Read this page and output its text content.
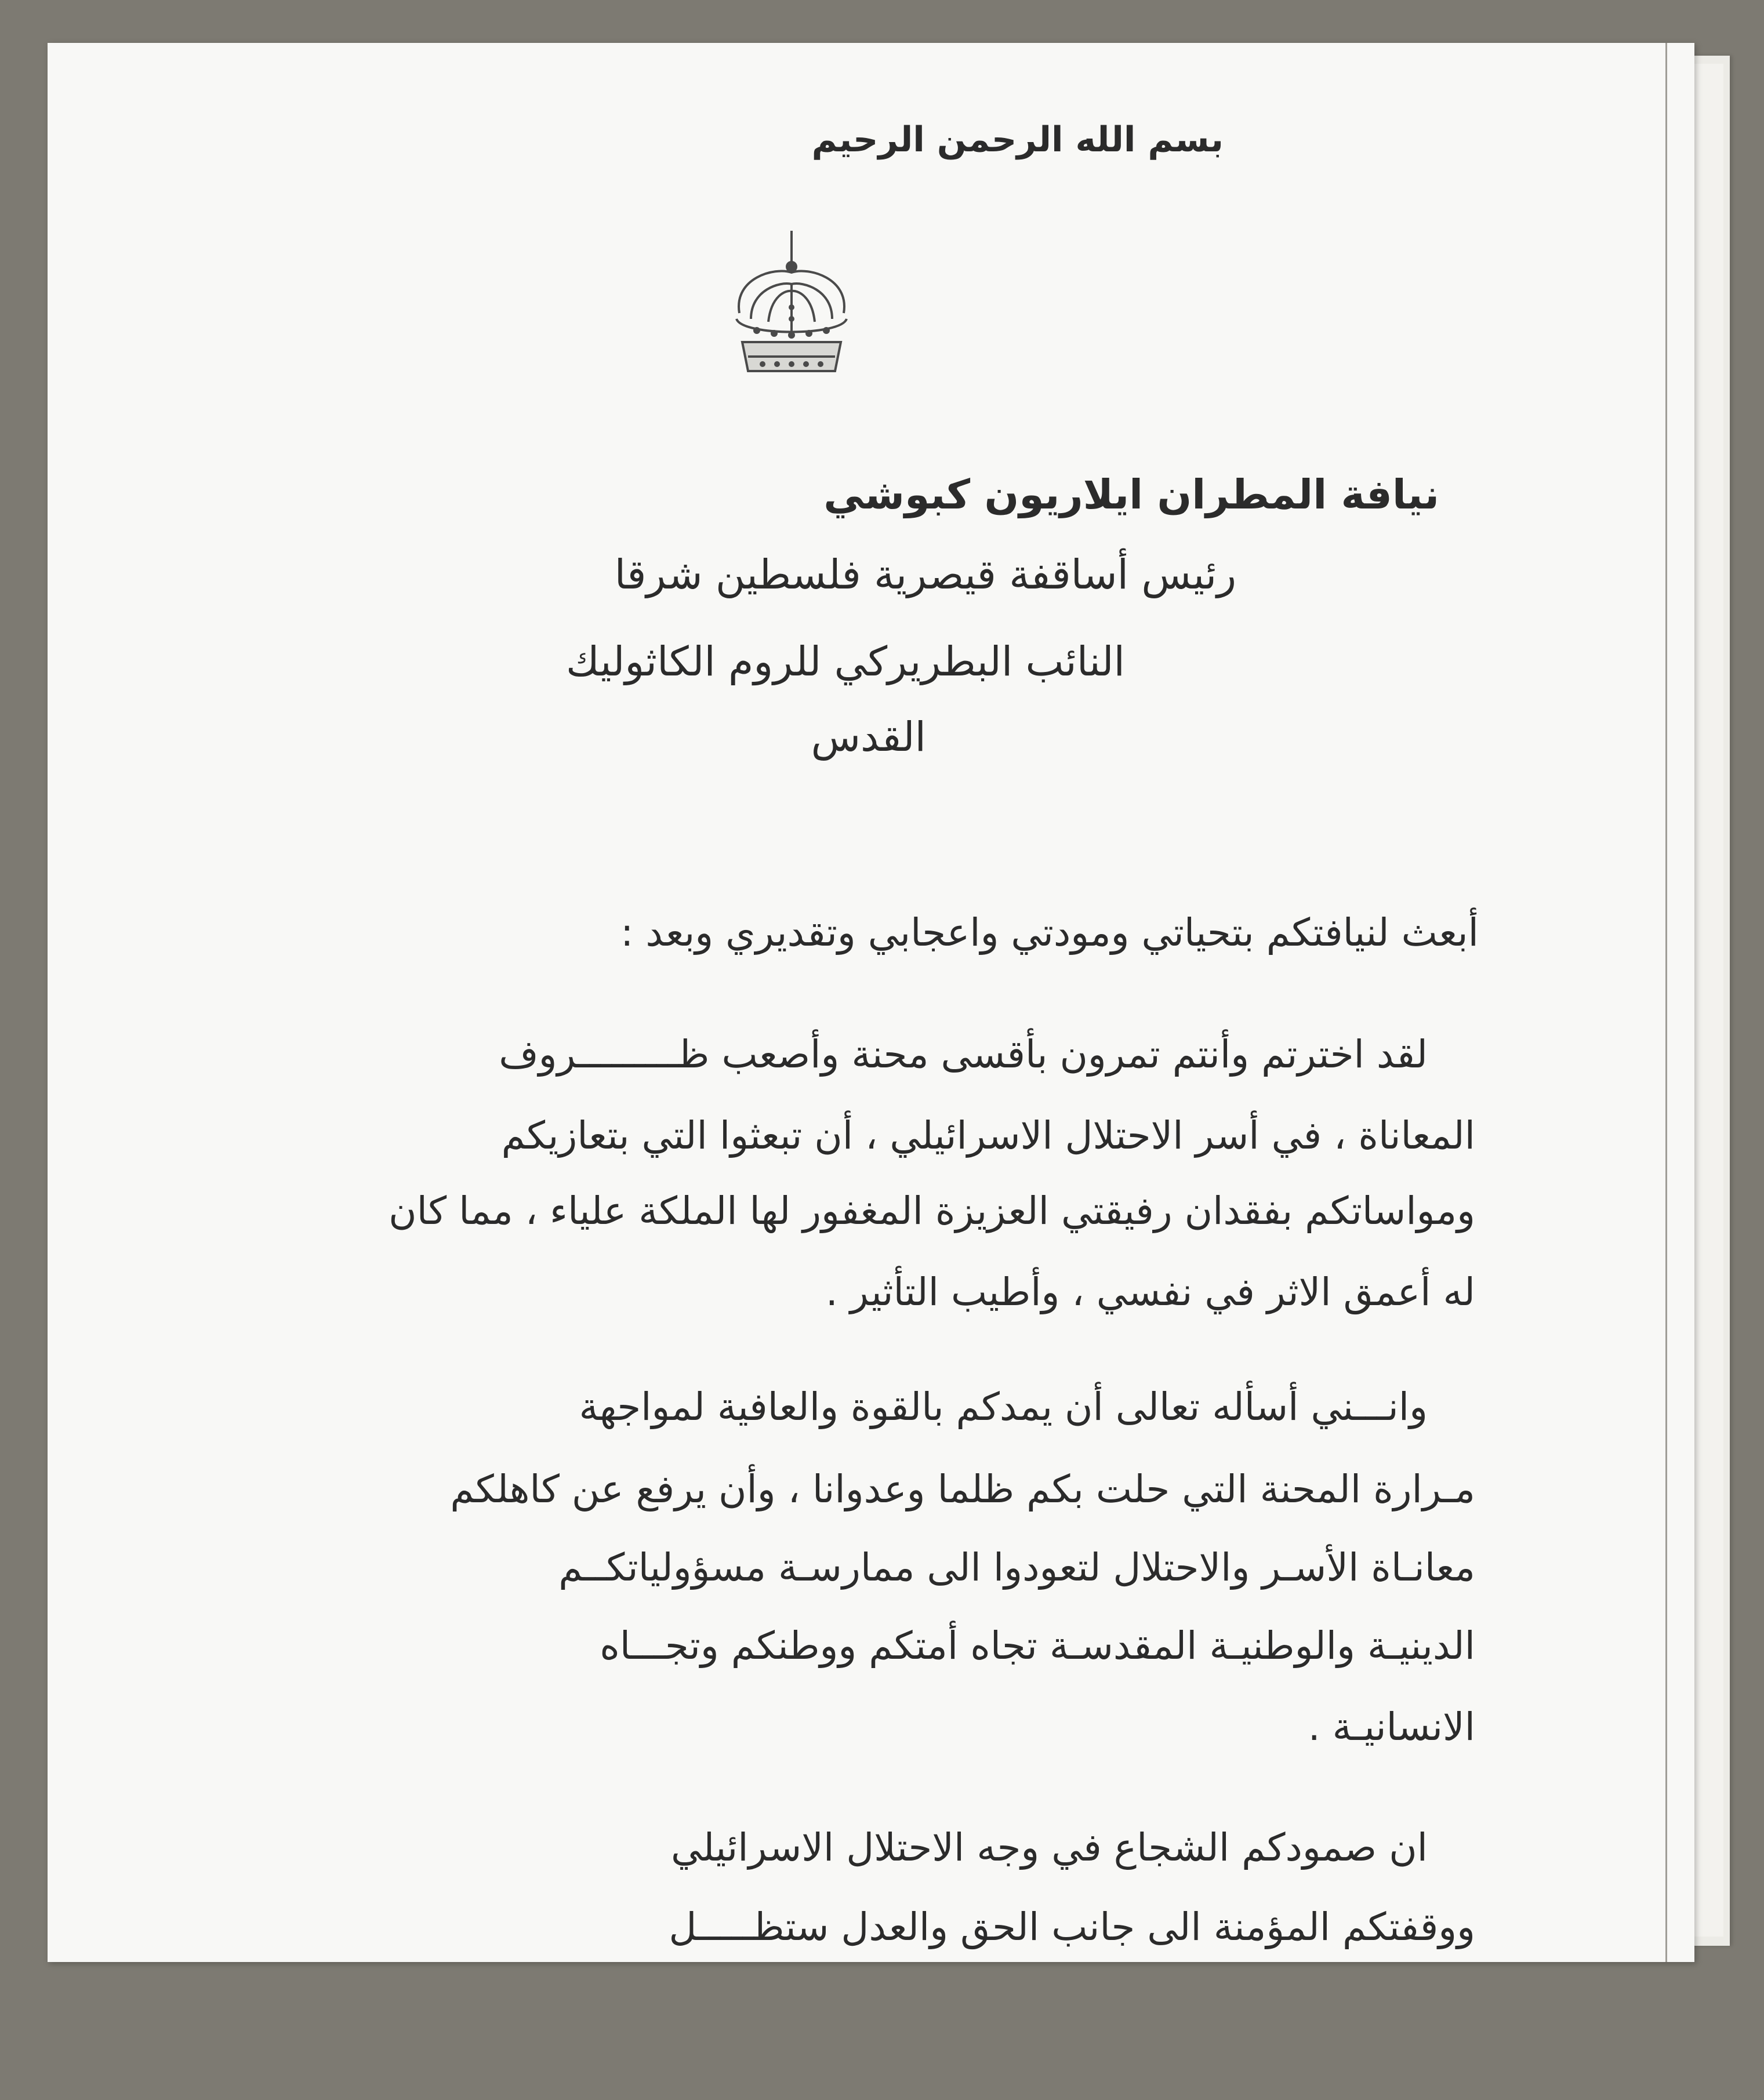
بسم الله الرحمن الرحيم

نيافة المطران ايلاريون كبوشي

رئيس أساقفة قيصرية فلسطين شرقا

النائب البطريركي للروم الكاثوليك

القدس

أبعث لنيافتكم بتحياتي ومودتي واعجابي وتقديري وبعد :

لقد اخترتم وأنتم تمرون بأقسى محنة وأصعب ظـــــــــروف

المعاناة ، في أسر الاحتلال الاسرائيلي ، أن تبعثوا التي بتعازيكم

ومواساتكم بفقدان رفيقتي العزيزة المغفور لها الملكة علياء ، مما كان

له أعمق الاثر في نفسي ، وأطيب التأثير .

وانـــني أسأله تعالى أن يمدكم بالقوة والعافية لمواجهة

مـرارة المحنة التي حلت بكم ظلما وعدوانا ، وأن يرفع عن كاهلكم

معانـاة الأسـر والاحتلال لتعودوا الى ممارسـة مسؤولياتكــم

الدينيـة والوطنيـة المقدسـة تجاه أمتكم ووطنكم وتجـــاه

الانسانيـة .

ان صمودكم الشجاع في وجه الاحتلال الاسرائيلي

ووقفتكم المؤمنة الى جانب الحق والعدل ستظـــــل
